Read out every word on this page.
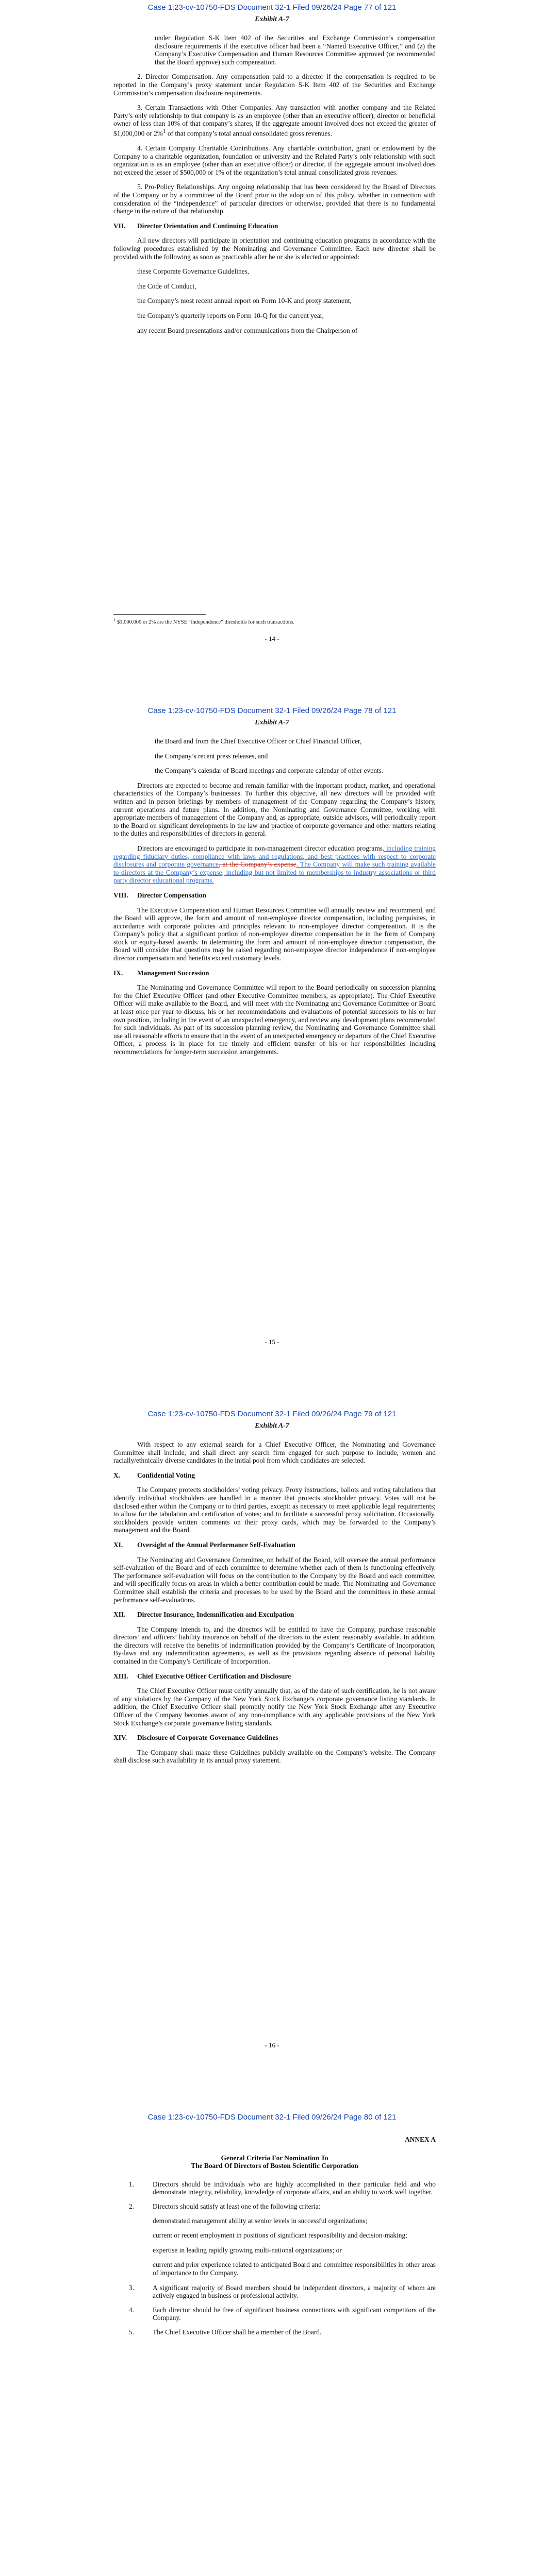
Case 1:23-cv-10750-FDS Document 32-1 Filed 09/26/24 Page 77 of 121
Exhibit A-7

under Regulation S-K Item 402 of the Securities and Exchange Commission’s compensation disclosure requirements if the executive officer had been a “Named Executive Officer,” and (z) the Company’s Executive Compensation and Human Resources Committee approved (or recommended that the Board approve) such compensation.

2. Director Compensation. Any compensation paid to a director if the compensation is required to be reported in the Company’s proxy statement under Regulation S-K Item 402 of the Securities and Exchange Commission’s compensation disclosure requirements.

3. Certain Transactions with Other Companies. Any transaction with another company and the Related Party’s only relationship to that company is as an employee (other than an executive officer), director or beneficial owner of less than 10% of that company’s shares, if the aggregate amount involved does not exceed the greater of $1,000,000 or 2%$^1$ of that company’s total annual consolidated gross revenues.

4. Certain Company Charitable Contributions. Any charitable contribution, grant or endowment by the Company to a charitable organization, foundation or university and the Related Party’s only relationship with such organization is as an employee (other than an executive officer) or director, if the aggregate amount involved does not exceed the lesser of $500,000 or 1% of the organization’s total annual consolidated gross revenues.

5. Pro-Policy Relationships. Any ongoing relationship that has been considered by the Board of Directors of the Company or by a committee of the Board prior to the adoption of this policy, whether in connection with consideration of the “independence” of particular directors or otherwise, provided that there is no fundamental change in the nature of that relationship.

VII. Director Orientation and Continuing Education

All new directors will participate in orientation and continuing education programs in accordance with the following procedures established by the Nominating and Governance Committee. Each new director shall be provided with the following as soon as practicable after he or she is elected or appointed:

these Corporate Governance Guidelines,

the Code of Conduct,

the Company’s most recent annual report on Form 10-K and proxy statement,

the Company’s quarterly reports on Form 10-Q for the current year,

any recent Board presentations and/or communications from the Chairperson of

$^1$ $1,000,000 or 2% are the NYSE “independence” thresholds for such transactions.
- 14 -
Case 1:23-cv-10750-FDS Document 32-1 Filed 09/26/24 Page 78 of 121
Exhibit A-7

the Board and from the Chief Executive Officer or Chief Financial Officer,

the Company’s recent press releases, and

the Company’s calendar of Board meetings and corporate calendar of other events.

Directors are expected to become and remain familiar with the important product, market, and operational characteristics of the Company’s businesses. To further this objective, all new directors will be provided with written and in person briefings by members of management of the Company regarding the Company’s history, current operations and future plans. In addition, the Nominating and Governance Committee, working with appropriate members of management of the Company and, as appropriate, outside advisors, will periodically report to the Board on significant developments in the law and practice of corporate governance and other matters relating to the duties and responsibilities of directors in general.

Directors are encouraged to participate in non-management director education programs, including training regarding fiduciary duties, compliance with laws and regulations, and best practices with respect to corporate disclosures and corporate governance, at the Company’s expense. The Company will make such training available to directors at the Company’s expense, including but not limited to memberships to industry associations or third party director educational programs.

VIII. Director Compensation

The Executive Compensation and Human Resources Committee will annually review and recommend, and the Board will approve, the form and amount of non-employee director compensation, including perquisites, in accordance with corporate policies and principles relevant to non-employee director compensation. It is the Company’s policy that a significant portion of non-employee director compensation be in the form of Company stock or equity-based awards. In determining the form and amount of non-employee director compensation, the Board will consider that questions may be raised regarding non-employee director independence if non-employee director compensation and benefits exceed customary levels.

IX. Management Succession

The Nominating and Governance Committee will report to the Board periodically on succession planning for the Chief Executive Officer (and other Executive Committee members, as appropriate). The Chief Executive Officer will make available to the Board, and will meet with the Nominating and Governance Committee or Board at least once per year to discuss, his or her recommendations and evaluations of potential successors to his or her own position, including in the event of an unexpected emergency, and review any development plans recommended for such individuals. As part of its succession planning review, the Nominating and Governance Committee shall use all reasonable efforts to ensure that in the event of an unexpected emergency or departure of the Chief Executive Officer, a process is in place for the timely and efficient transfer of his or her responsibilities including recommendations for longer-term succession arrangements.

- 15 -
Case 1:23-cv-10750-FDS Document 32-1 Filed 09/26/24 Page 79 of 121
Exhibit A-7

With respect to any external search for a Chief Executive Officer, the Nominating and Governance Committee shall include, and shall direct any search firm engaged for such purpose to include, women and racially/ethnically diverse candidates in the initial pool from which candidates are selected.

X. Confidential Voting

The Company protects stockholders’ voting privacy. Proxy instructions, ballots and voting tabulations that identify individual stockholders are handled in a manner that protects stockholder privacy. Votes will not be disclosed either within the Company or to third parties, except: as necessary to meet applicable legal requirements; to allow for the tabulation and certification of votes; and to facilitate a successful proxy solicitation. Occasionally, stockholders provide written comments on their proxy cards, which may be forwarded to the Company’s management and the Board.

XI. Oversight of the Annual Performance Self-Evaluation

The Nominating and Governance Committee, on behalf of the Board, will oversee the annual performance self-evaluation of the Board and of each committee to determine whether each of them is functioning effectively. The performance self-evaluation will focus on the contribution to the Company by the Board and each committee, and will specifically focus on areas in which a better contribution could be made. The Nominating and Governance Committee shall establish the criteria and processes to be used by the Board and the committees in these annual performance self-evaluations.

XII. Director Insurance, Indemnification and Exculpation

The Company intends to, and the directors will be entitled to have the Company, purchase reasonable directors’ and officers’ liability insurance on behalf of the directors to the extent reasonably available. In addition, the directors will receive the benefits of indemnification provided by the Company’s Certificate of Incorporation, By-laws and any indemnification agreements, as well as the provisions regarding absence of personal liability contained in the Company’s Certificate of Incorporation.

XIII. Chief Executive Officer Certification and Disclosure

The Chief Executive Officer must certify annually that, as of the date of such certification, he is not aware of any violations by the Company of the New York Stock Exchange’s corporate governance listing standards. In addition, the Chief Executive Officer shall promptly notify the New York Stock Exchange after any Executive Officer of the Company becomes aware of any non-compliance with any applicable provisions of the New York Stock Exchange’s corporate governance listing standards.

XIV. Disclosure of Corporate Governance Guidelines

The Company shall make these Guidelines publicly available on the Company’s website. The Company shall disclose such availability in its annual proxy statement.

- 16 -
Case 1:23-cv-10750-FDS Document 32-1 Filed 09/26/24 Page 80 of 121

ANNEX A

General Criteria For Nomination To

The Board Of Directors of Boston Scientific Corporation

1.	Directors should be individuals who are highly accomplished in their particular field and who demonstrate integrity, reliability, knowledge of corporate affairs, and an ability to work well together.
2.	Directors should satisfy at least one of the following criteria:

demonstrated management ability at senior levels in successful organizations;

current or recent employment in positions of significant responsibility and decision-making;

expertise in leading rapidly growing multi-national organizations; or

current and prior experience related to anticipated Board and committee responsibilities in other areas of importance to the Company.

3.	A significant majority of Board members should be independent directors, a majority of whom are actively engaged in business or professional activity.
4.	Each director should be free of significant business connections with significant competitors of the Company.
5.	The Chief Executive Officer shall be a member of the Board.
